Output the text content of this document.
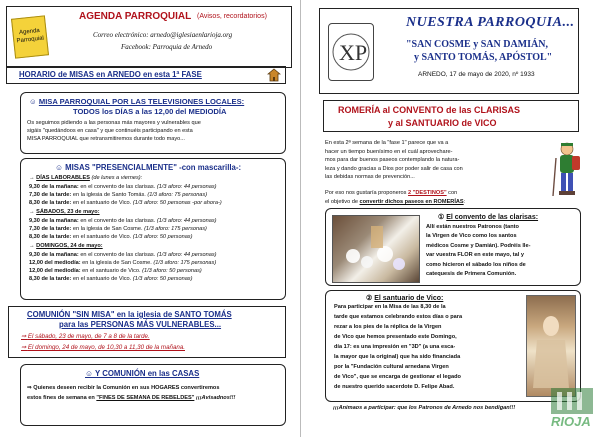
Agenda
Parroquial
AGENDA PARROQUIAL (Avisos, recordatorios)
Correo electrónico: arnedo@iglesiaenlarioja.org
Facebook: Parroquia de Arnedo
HORARIO de MISAS en ARNEDO en esta 1ª FASE
☺ MISA PARROQUIAL POR LAS TELEVISIONES LOCALES:
TODOS los DÍAS a las 12,00 del MEDIODÍA
Os seguimos pidiendo a las personas más mayores y vulnerables que
sigáis "quedándoos en casa" y que continuéis participando en esta
MISA PARROQUIAL que retransmitiremos durante todo mayo...
☺ MISAS "PRESENCIALMENTE" -con mascarilla-:
→ DÍAS LABORABLES (de lunes a viernes):
9,30 de la mañana: en el convento de las clarisas. (1/3 aforo: 44 personas)
7,30 de la tarde: en la iglesia de Santo Tomás. (1/3 aforo: 75 personas)
8,30 de la tarde: en el santuario de Vico. (1/3 aforo: 50 personas -por ahora-)
→ SÁBADOS, 23 de mayo:
9,30 de la mañana: en el convento de las clarisas. (1/3 aforo: 44 personas)
7,30 de la tarde: en la iglesia de San Cosme. (1/3 aforo: 175 personas)
8,30 de la tarde: en el santuario de Vico. (1/3 aforo: 50 personas)
→ DOMINGOS, 24 de mayo:
9,30 de la mañana: en el convento de las clarisas. (1/3 aforo: 44 personas)
12,00 del mediodía: en la iglesia de San Cosme. (1/3 aforo: 175 personas)
12,00 del mediodía: en el santuario de Vico. (1/3 aforo: 50 personas)
8,30 de la tarde: en el santuario de Vico. (1/3 aforo: 50 personas)
COMUNIÓN "SIN MISA" en la iglesia de SANTO TOMÁS
para las PERSONAS MÁS VULNERABLES...
⇒ El sábado, 23 de mayo, de 7 a 8 de la tarde.
⇒ El domingo, 24 de mayo, de 10,30 a 11,30 de la mañana.
☺ Y COMUNIÓN en las CASAS
⇒ Quienes deseen recibir la Comunión en sus HOGARES convertiremos
estos fines de semana en "FINES DE SEMANA DE REBELDES" ¡¡¡Avisadnos!!!
XP
NUESTRA PARROQUIA...
"SAN COSME y SAN DAMIÁN,
y SANTO TOMÁS, APÓSTOL"
ARNEDO, 17 de mayo de 2020, nº 1933
ROMERÍA al CONVENTO de las CLARISAS
y al SANTUARIO de VICO
En esta 2ª semana de la "fase 1" parece que va a
hacer un tiempo buenísimo en el cuál aprovechare-
mos para dar buenos paseos contemplando la natura-
leza y dando gracias a Dios por poder salir de casa con
las debidas normas de prevención...
Por eso nos gustaría proponeros 2 "DESTINOS" con
el objetivo de convertir dichos paseos en ROMERÍAS:
① El convento de las clarisas:
Allí están nuestros Patronos (tanto
la Virgen de Vico como los santos
médicos Cosme y Damián). Podréis lle-
var vuestra FLOR en este mayo, tal y
como hicieron el sábado los niños de
catequesis de Primera Comunión.
② El santuario de Vico:
Para participar en la Misa de las 8,30 de la
tarde que estamos celebrando estos días o para
rezar a los pies de la réplica de la Virgen
de Vico que hemos presentado este Domingo,
día 17: es una impresión en "3D" (a una esca-
la mayor que la original) que ha sido financiada
por la "Fundación cultural arnedana Virgen
de Vico", que se encarga de gestionar el legado
de nuestro querido sacerdote D. Felipe Abad.
¡¡¡Animaos a participar: que los Patronos de Arnedo nos bendigan!!!
RIOJA
